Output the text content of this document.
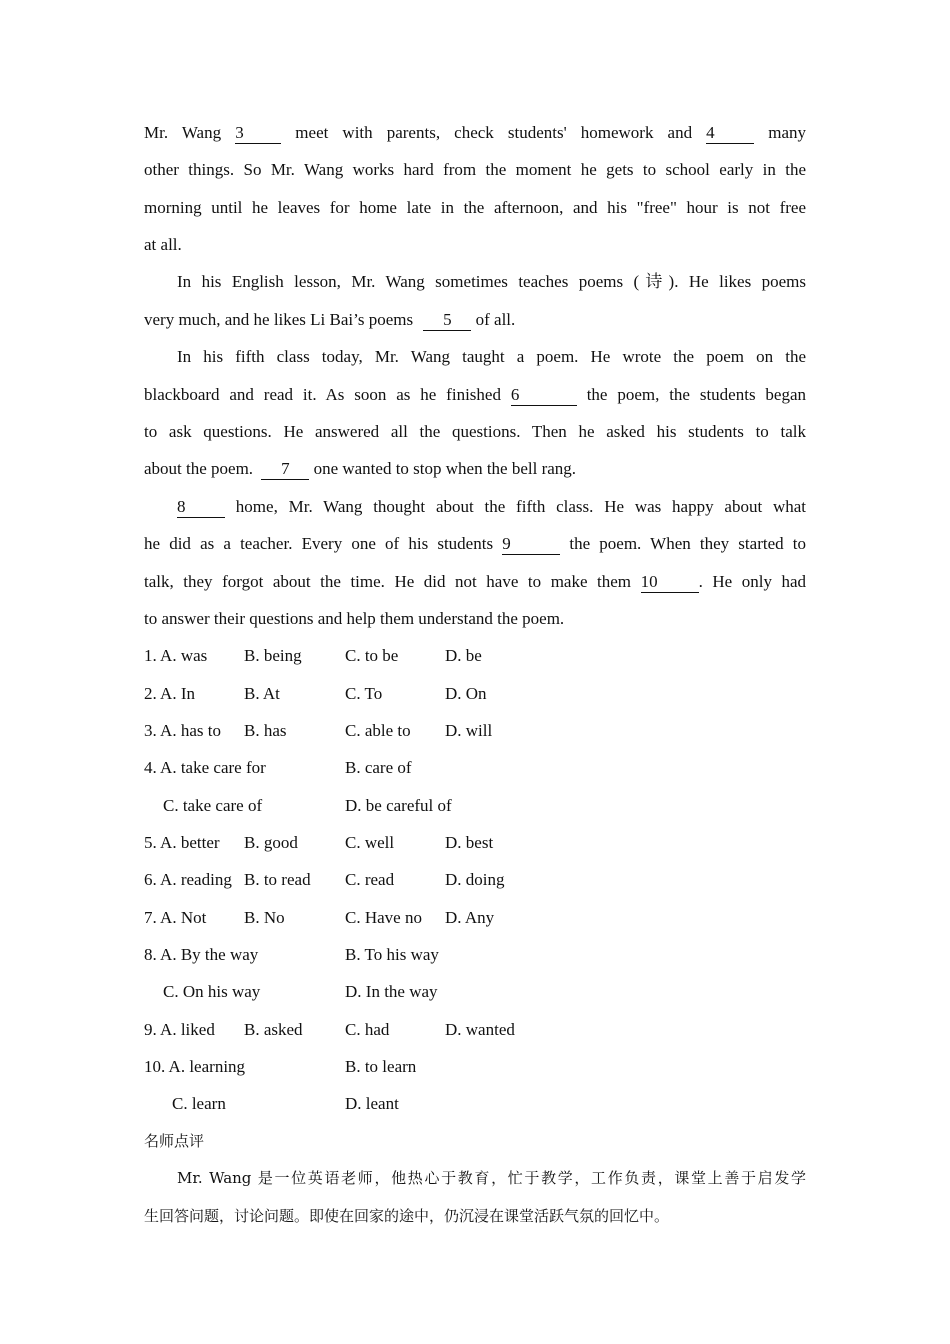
Mr. Wang 3	meet with parents, check students' homework and 4	many
other things. So Mr. Wang works hard from the moment he gets to school early in the
morning until he leaves for home late in the afternoon, and his "free" hour is not free
at all.
In his English lesson, Mr. Wang sometimes teaches poems (诗). He likes poems
very much, and he likes Li Bai’s poems 5 of all.
In his fifth class today, Mr. Wang taught a poem. He wrote the poem on the
blackboard and read it. As soon as he finished 6	the poem, the students began
to ask questions. He answered all the questions. Then he asked his students to talk
about the poem. 7 one wanted to stop when the bell rang.
8	home, Mr. Wang thought about the fifth class. He was happy about what
he did as a teacher. Every one of his students 9	the poem. When they started to
talk, they forgot about the time. He did not have to make them 10 . He only had
to answer their questions and help them understand the poem.
1. A. was B. being	C. to be	D. be
2. A. In	B. At	C. To	D. On
3. A. has to B. has	C. able to D. will
4. A. take care for	B. care of
C. take care of	D. be careful of
5. A. better B. good	C. well	D. best
6. A. reading B. to read C. read	D. doing
7. A. Not B. No	C. Have no D. Any
8. A. By the way	B. To his way
C. On his way	D. In the way
9. A. liked B. asked C. had	D. wanted
10. A. learning	B. to learn
C. learn	D. leant
名师点评
Mr. Wang 是一位英语老师，他热心于教育，忙于教学，工作负责，课堂上善于启发学
生回答问题，讨论问题。即使在回家的途中，仍沉浸在课堂活跃气氛的回忆中。
